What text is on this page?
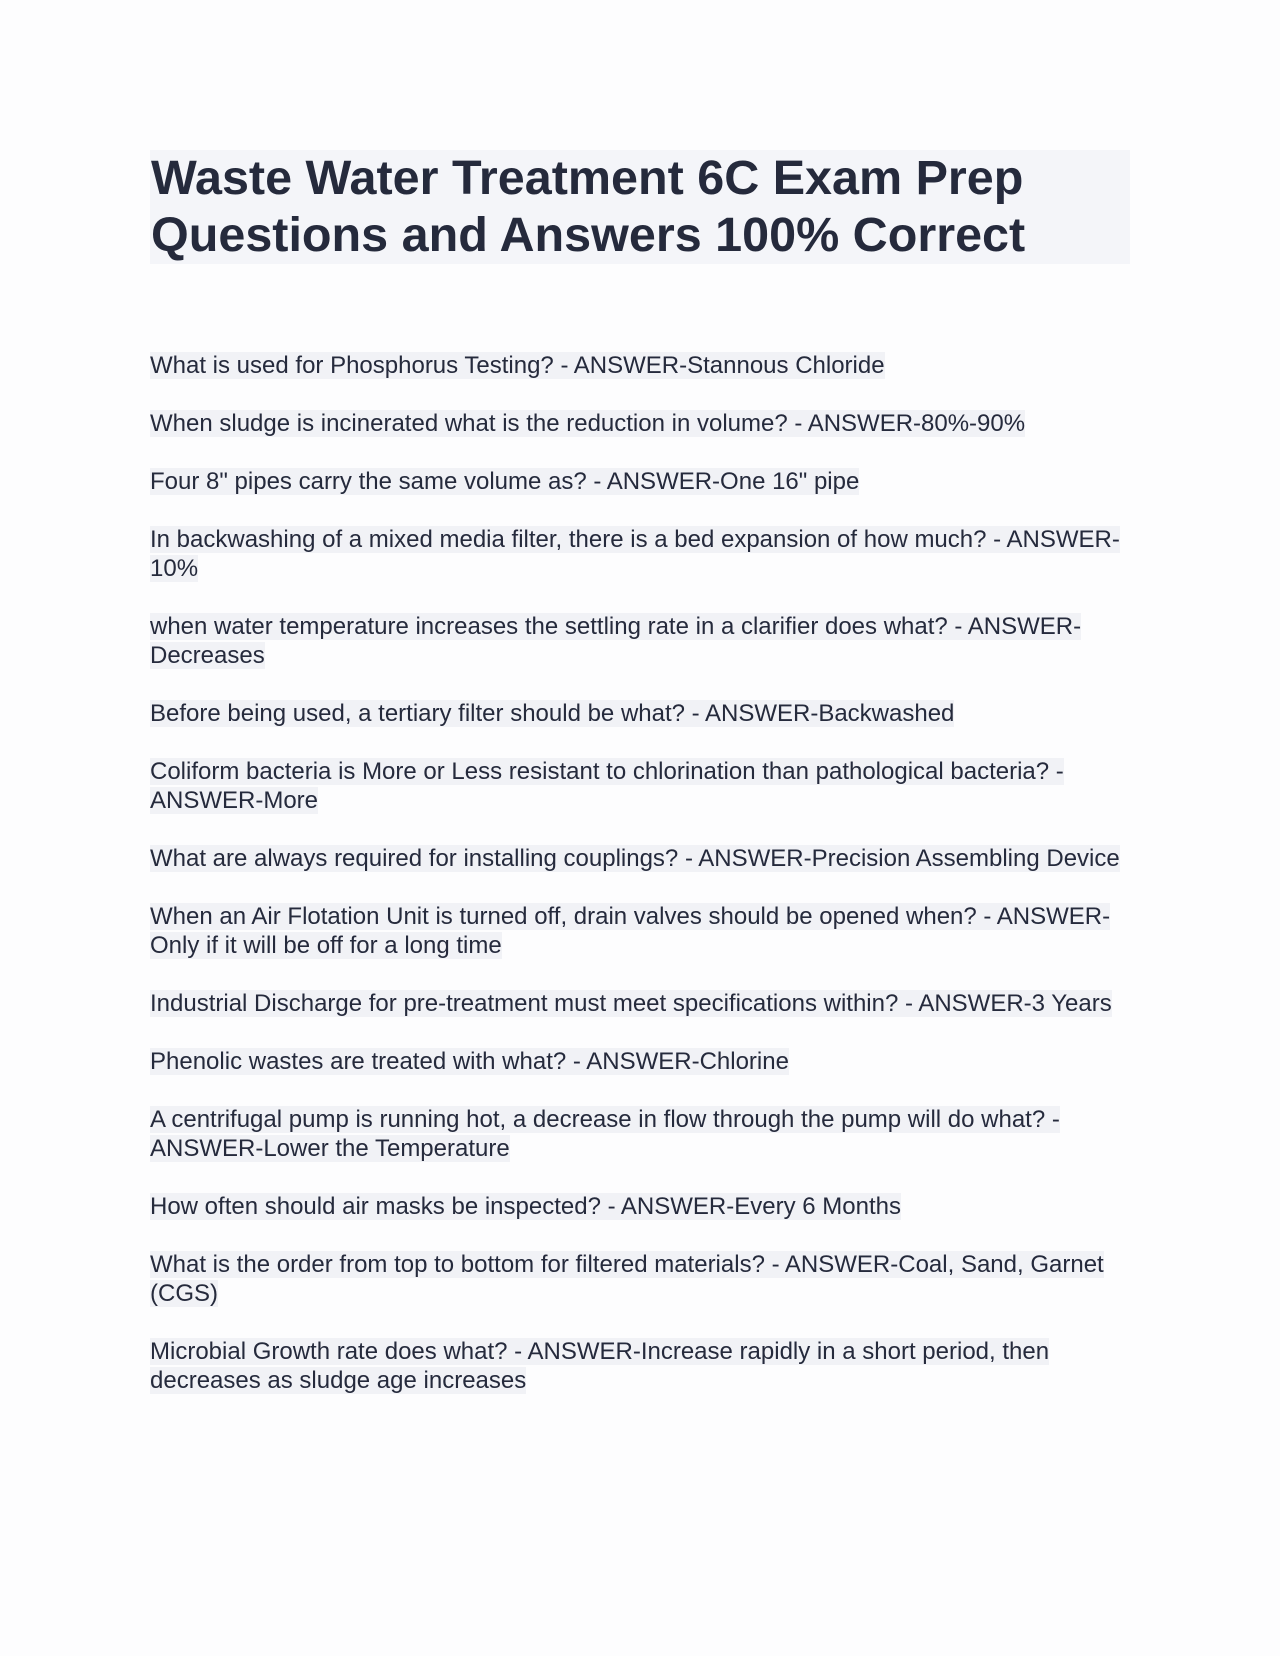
Waste Water Treatment 6C Exam Prep Questions and Answers 100% Correct

What is used for Phosphorus Testing? - ANSWER-Stannous Chloride

When sludge is incinerated what is the reduction in volume? - ANSWER-80%-90%

Four 8" pipes carry the same volume as? - ANSWER-One 16" pipe

In backwashing of a mixed media filter, there is a bed expansion of how much? - ANSWER-10%

when water temperature increases the settling rate in a clarifier does what? - ANSWER-Decreases

Before being used, a tertiary filter should be what? - ANSWER-Backwashed

Coliform bacteria is More or Less resistant to chlorination than pathological bacteria? - ANSWER-More

What are always required for installing couplings? - ANSWER-Precision Assembling Device

When an Air Flotation Unit is turned off, drain valves should be opened when? - ANSWER-Only if it will be off for a long time

Industrial Discharge for pre-treatment must meet specifications within? - ANSWER-3 Years

Phenolic wastes are treated with what? - ANSWER-Chlorine

A centrifugal pump is running hot, a decrease in flow through the pump will do what? - ANSWER-Lower the Temperature

How often should air masks be inspected? - ANSWER-Every 6 Months

What is the order from top to bottom for filtered materials? - ANSWER-Coal, Sand, Garnet (CGS)

Microbial Growth rate does what? - ANSWER-Increase rapidly in a short period, then decreases as sludge age increases
